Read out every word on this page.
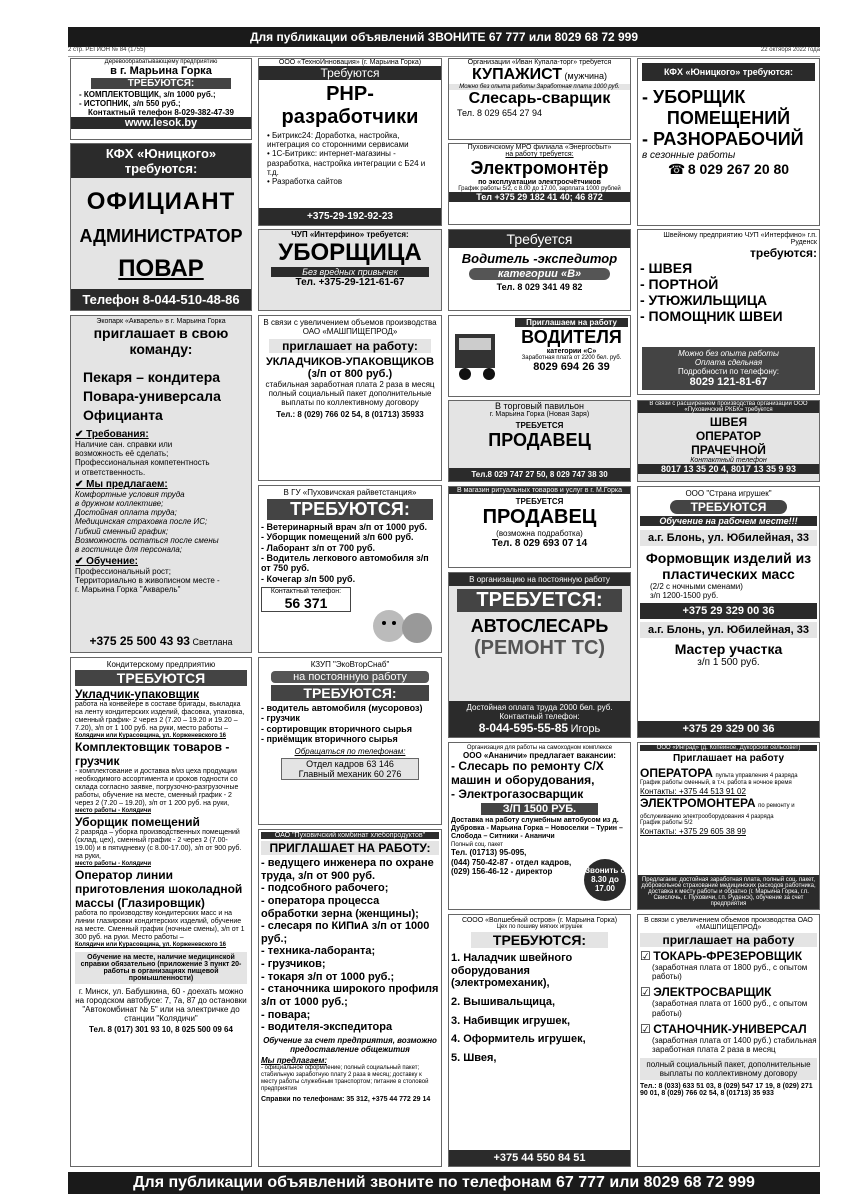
Для публикации объявлений ЗВОНИТЕ 67 777 или 8029 68 72 999
2 стр. РЕГИОН № 84 (1755)	22 октября 2022 года
Деревообрабатывающему предприятию
в г. Марьина Горка
ТРЕБУЮТСЯ:
- КОМПЛЕКТОВЩИК, з/п 1000 руб.;
- ИСТОПНИК, з/п 550 руб.;
Контактный телефон 8-029-382-47-39
www.lesok.by
КФХ «Юницкого» требуются:
ОФИЦИАНТ
АДМИНИСТРАТОР
ПОВАР
Телефон 8-044-510-48-86
Экопарк «Акварель» в г. Марьина Горка
приглашает в свою команду:
Пекаря – кондитера
Повара-универсала
Официанта
✔ Требования:
Наличие сан. справки или
возможность её сделать;
Профессиональная компетентность
и ответственность.
✔ Мы предлагаем:
Комфортные условия труда
в дружном коллективе;
Достойная оплата труда;
Медицинская страховка после ИС;
Гибкий сменный график;
Возможность остаться после смены
в гостинице для персонала;
✔ Обучение:
Профессиональный рост;
Территориально в живописном месте -
г. Марьина Горка "Акварель"
+375 25 500 43 93 Светлана
Кондитерскому предприятию
ТРЕБУЮТСЯ
Укладчик-упаковщик
работа на конвейере в составе бригады, выкладка на ленту кондитерских изделий, фасовка, упаковка, сменный график- 2 через 2 (7.20 – 19.20 и 19.20 – 7.20), з/п от 1 100 руб. на руки, место работы –
Колядичи или Курасовщина, ул. Корженевского 16
Комплектовщик товаров - грузчик
- комплектование и доставка в/из цеха продукции необходимого ассортимента и сроков годности со склада согласно заявке, погрузочно-разгрузочные работы, обучение на месте, сменный график - 2 через 2 (7.20 – 19.20), з/п от 1 200 руб. на руки,
место работы - Колядичи
Уборщик помещений
2 разряда – уборка производственных помещений (склад, цех), сменный график - 2 через 2 (7.00-19.00) и в пятидневку (с 8.00-17.00), з/п от 900 руб. на руки,
место работы - Колядичи
Оператор линии приготовления шоколадной массы (Глазировщик)
работа по производству кондитерских масс и на линии глазировки кондитерских изделий, обучение на месте. Сменный график (ночные смены), з/п от 1 300 руб. на руки. Место работы –
Колядичи или Курасовщина, ул. Корженевского 16
Обучение на месте, наличие медицинской справки обязательно (приложение 3 пункт 20- работы в организациях пищевой промышленности)
г. Минск, ул. Бабушкина, 60 - доехать можно на городском автобусе: 7, 7а, 87 до остановки "Автокомбинат № 5" или на электричке до станции "Колядичи"
Тел. 8 (017) 301 93 10, 8 025 500 09 64
ООО «ТехноИнновация» (г. Марьина Горка)
Требуются
PHP-разработчики
• Битрикс24: Доработка, настройка, интеграция со сторонними сервисами
• 1С-Битрикс: интернет-магазины - разработка, настройка интеграции с Б24 и т.д.
• Разработка сайтов
+375-29-192-92-23
ЧУП «Интерфино» требуется:
УБОРЩИЦА
Без вредных привычек
Тел. +375-29-121-61-67
В связи с увеличением объемов производства ОАО «МАШПИЩЕПРОД»
приглашает на работу:
УКЛАДЧИКОВ-УПАКОВЩИКОВ
(з/п от 800 руб.)
стабильная заработная плата 2 раза в месяц полный социальный пакет дополнительные выплаты по коллективному договору
Тел.: 8 (029) 766 02 54, 8 (01713) 35933
В ГУ «Пуховичская райветстанция»
ТРЕБУЮТСЯ:
- Ветеринарный врач з/п от 1000 руб.
- Уборщик помещений з/п 600 руб.
- Лаборант з/п от 700 руб.
- Водитель легкового автомобиля з/п от 750 руб.
- Кочегар з/п 500 руб.
Контактный телефон:
56 371
КЗУП "ЭкоВторСнаб"
на постоянную работу
ТРЕБУЮТСЯ:
- водитель автомобиля (мусоровоз)
- грузчик
- сортировщик вторичного сырья
- приёмщик вторичного сырья
Обращаться по телефонам:
Отдел кадров 63 146
Главный механик 60 276
ОАО "Пуховичский комбинат хлебопродуктов"
ПРИГЛАШАЕТ НА РАБОТУ:
- ведущего инженера по охране труда, з/п от 900 руб.
- подсобного рабочего;
- оператора процесса обработки зерна (женщины);
- слесаря по КИПиА з/п от 1000 руб.;
- техника-лаборанта;
- грузчиков;
- токаря з/п от 1000 руб.;
- станочника широкого профиля з/п от 1000 руб.;
- повара;
- водителя-экспедитора
Обучение за счет предприятия, возможно предоставление общежития
Мы предлагаем:
- официальное оформление; полный социальный пакет; стабильную заработную плату 2 раза в месяц; доставку к месту работы служебным транспортом; питание в столовой предприятия
Справки по телефонам: 35 312, +375 44 772 29 14
Организации «Иван Купала-торг» требуется
КУПАЖИСТ (мужчина)
Можно без опыта работы Заработная плата 1000 руб.
Слесарь-сварщик
Тел. 8 029 654 27 94
Пуховичскому МРО филиала «Энергосбыт»
на работу требуется:
Электромонтёр
по эксплуатации электросчётчиков
График работы 5/2, с 8.00 до 17.00, зарплата 1000 рублей
Тел +375 29 182 41 40; 46 872
Требуется
Водитель -экспедитор
категории «В»
Тел. 8 029 341 49 82
Приглашаем на работу
ВОДИТЕЛЯ
категории «С»
Заработная плата от 2200 бел. руб.
8029 694 26 39
В торговый павильон
г. Марьина Горка (Новая Заря)
ТРЕБУЕТСЯ
ПРОДАВЕЦ
Тел.8 029 747 27 50, 8 029 747 38 30
В магазин ритуальных товаров и услуг в г. М.Горка
ТРЕБУЕТСЯ
ПРОДАВЕЦ
(возможна подработка)
Тел. 8 029 693 07 14
В организацию на постоянную работу
ТРЕБУЕТСЯ:
АВТОСЛЕСАРЬ
(РЕМОНТ ТС)
Достойная оплата труда 2000 бел. руб.
Контактный телефон:
8-044-595-55-85 Игорь
Организация для работы на самоходном комплексе
ООО «Ананичи» предлагает вакансии:
- Слесарь по ремонту С/Х машин и оборудования,
- Электрогазосварщик
З/П 1500 РУБ.
Доставка на работу служебным автобусом из д. Дубровка - Марьина Горка – Новоселки – Турин – Слобода – Ситники - Ананичи
Полный соц. пакет
Тел. (01713) 95-095,
(044) 750-42-87 - отдел кадров,
(029) 156-46-12 - директор	Звонить с 8.30 до 17.00
СООО «Волшебный остров» (г. Марьина Горка)
Цех по пошиву мягких игрушек
ТРЕБУЮТСЯ:
1. Наладчик швейного оборудования (электромеханик),
2. Вышивальщица,
3. Набивщик игрушек,
4. Оформитель игрушек,
5. Швея,
+375 44 550 84 51
КФХ «Юницкого» требуются:
- УБОРЩИК
ПОМЕЩЕНИЙ
- РАЗНОРАБОЧИЙ
в сезонные работы
☎ 8 029 267 20 80
Швейному предприятию ЧУП «Интерфино» г.п. Руденск
требуются:
- ШВЕЯ
- ПОРТНОЙ
- УТЮЖИЛЬЩИЦА
- ПОМОЩНИК ШВЕИ
Можно без опыта работы
Оплата сдельная
Подробности по телефону:
8029 121-81-67
В связи с расширением производства организации ООО «Пуховичский РКБК» требуется
ШВЕЯ
ОПЕРАТОР
ПРАЧЕЧНОЙ
Контактный телефон
8017 13 35 20 4, 8017 13 35 9 93
ООО "Страна игрушек"
ТРЕБУЮТСЯ
Обучение на рабочем месте!!!
а.г. Блонь, ул. Юбилейная, 33
Формовщик изделий из пластических масс
(2/2 с ночными сменами)
з/п 1200-1500 руб.
+375 29 329 00 36
а.г. Блонь, ул. Юбилейная, 33
Мастер участка
з/п 1 500 руб.
+375 29 329 00 36
ООО «Инград» (д. Копейное, Дукорский сельсовет)
Приглашает на работу
ОПЕРАТОРА пульта управления 4 разряда
График работы сменный, в т.ч. работа в ночное время
Контакты: +375 44 513 91 02
ЭЛЕКТРОМОНТЕРА по ремонту и обслуживанию электрооборудования 4 разряда
График работы 5/2
Контакты: +375 29 605 38 99
Предлагаем: достойная заработная плата, полный соц. пакет, добровольное страхование медицинских расходов работника, доставка к месту работы и обратно (г. Марьина Горка, г.п. Свислочь, г. Пуховичи, г.п. Руденск), обучение за счет предприятия
В связи с увеличением объемов производства ОАО «МАШПИЩЕПРОД»
приглашает на работу
☑ ТОКАРЬ-ФРЕЗЕРОВЩИК
(заработная плата от 1800 руб., с опытом работы)
☑ ЭЛЕКТРОСВАРЩИК
(заработная плата от 1600 руб., с опытом работы)
☑ СТАНОЧНИК-УНИВЕРСАЛ
(заработная плата от 1400 руб.) стабильная заработная плата 2 раза в месяц
полный социальный пакет, дополнительные выплаты по коллективному договору
Тел.: 8 (033) 633 51 03, 8 (029) 547 17 19, 8 (029) 271 90 01, 8 (029) 766 02 54, 8 (01713) 35 933
Для публикации объявлений звоните по телефонам 67 777 или 8029 68 72 999
